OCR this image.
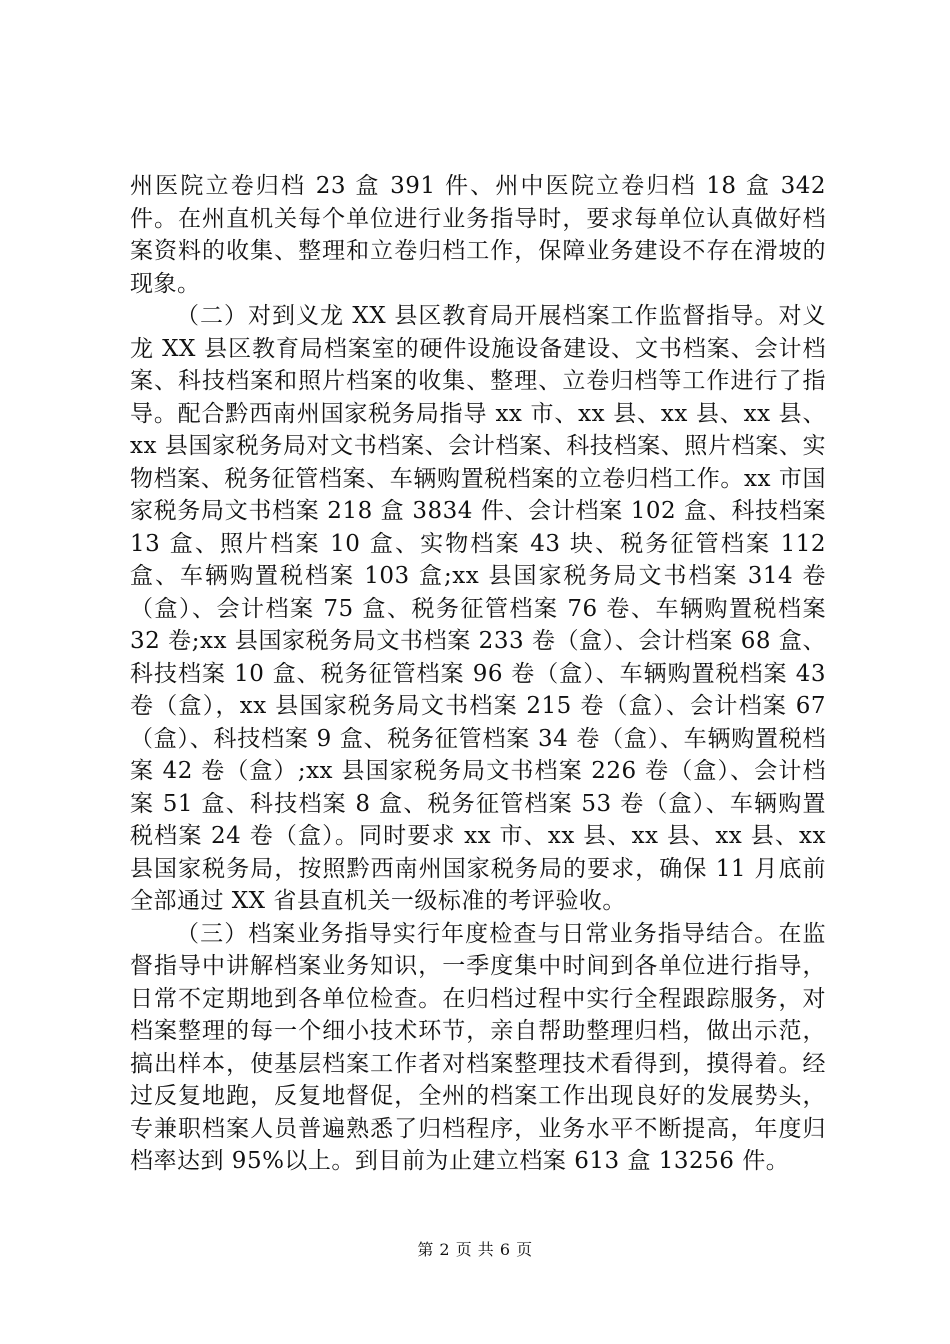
州医院立卷归档 23 盒 391 件、州中医院立卷归档 18 盒 342 件。在州直机关每个单位进行业务指导时，要求每单位认真做好档案资料的收集、整理和立卷归档工作，保障业务建设不存在滑坡的现象。

（二）对到义龙 XX 县区教育局开展档案工作监督指导。对义龙 XX 县区教育局档案室的硬件设施设备建设、文书档案、会计档案、科技档案和照片档案的收集、整理、立卷归档等工作进行了指导。配合黔西南州国家税务局指导 xx 市、xx 县、xx 县、xx 县、xx 县国家税务局对文书档案、会计档案、科技档案、照片档案、实物档案、税务征管档案、车辆购置税档案的立卷归档工作。xx 市国家税务局文书档案 218 盒 3834 件、会计档案 102 盒、科技档案 13 盒、照片档案 10 盒、实物档案 43 块、税务征管档案 112 盒、车辆购置税档案 103 盒;xx 县国家税务局文书档案 314 卷（盒）、会计档案 75 盒、税务征管档案 76 卷、车辆购置税档案 32 卷;xx 县国家税务局文书档案 233 卷（盒）、会计档案 68 盒、科技档案 10 盒、税务征管档案 96 卷（盒）、车辆购置税档案 43 卷（盒），xx 县国家税务局文书档案 215 卷（盒）、会计档案 67（盒）、科技档案 9 盒、税务征管档案 34 卷（盒）、车辆购置税档案 42 卷（盒）;xx 县国家税务局文书档案 226 卷（盒）、会计档案 51 盒、科技档案 8 盒、税务征管档案 53 卷（盒）、车辆购置税档案 24 卷（盒）。同时要求 xx 市、xx 县、xx 县、xx 县、xx 县国家税务局，按照黔西南州国家税务局的要求，确保 11 月底前全部通过 XX 省县直机关一级标准的考评验收。

（三）档案业务指导实行年度检查与日常业务指导结合。在监督指导中讲解档案业务知识，一季度集中时间到各单位进行指导，日常不定期地到各单位检查。在归档过程中实行全程跟踪服务，对档案整理的每一个细小技术环节，亲自帮助整理归档，做出示范，搞出样本，使基层档案工作者对档案整理技术看得到，摸得着。经过反复地跑，反复地督促，全州的档案工作出现良好的发展势头，专兼职档案人员普遍熟悉了归档程序，业务水平不断提高，年度归档率达到 95%以上。到目前为止建立档案 613 盒 13256 件。

第 2 页 共 6 页
